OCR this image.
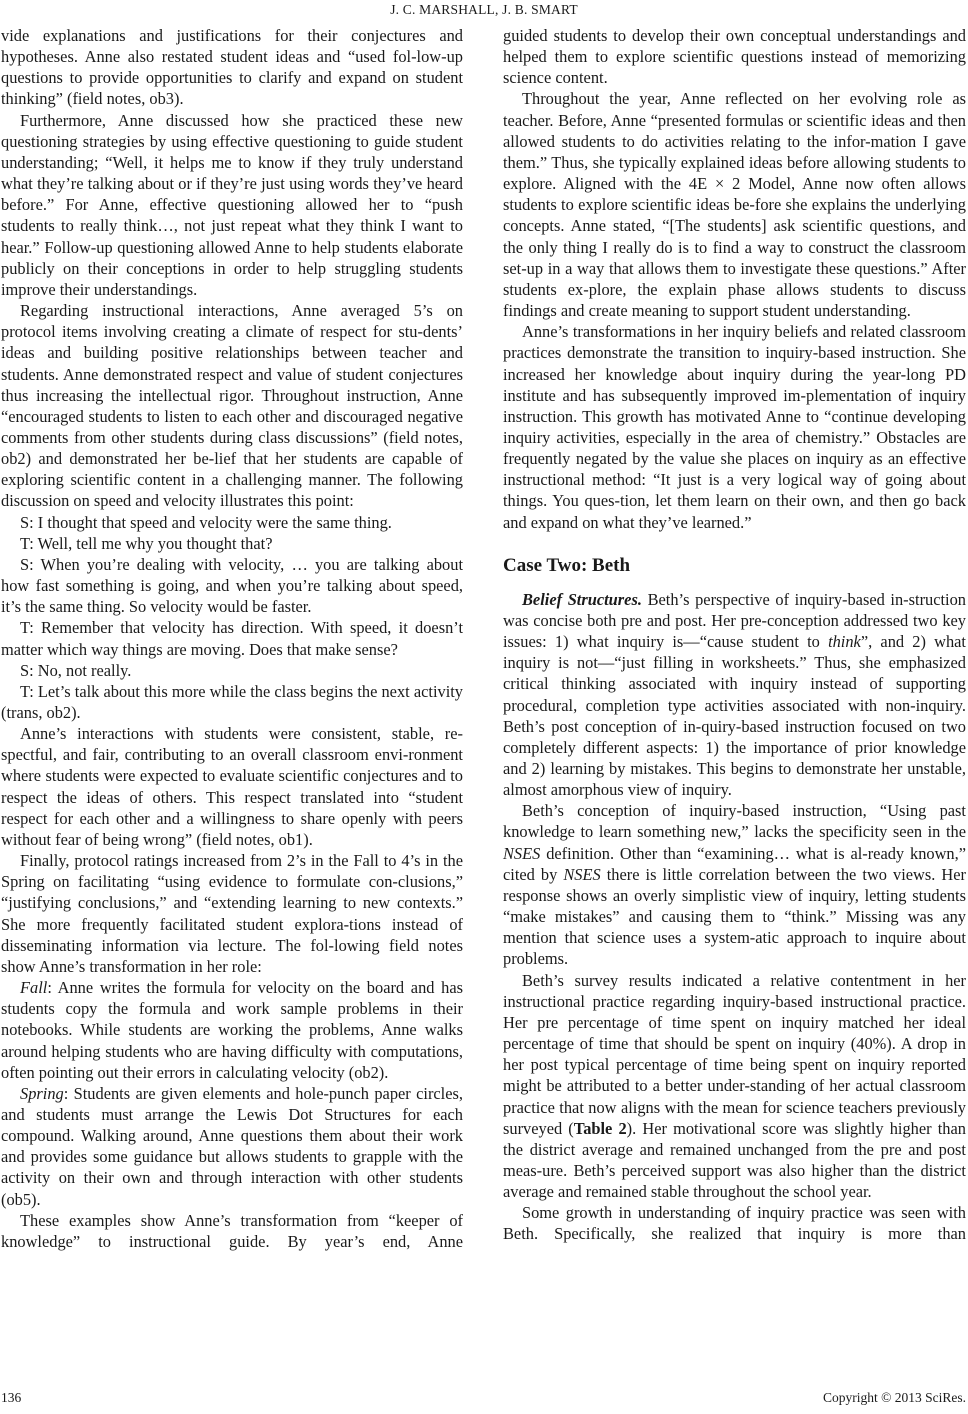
J. C. MARSHALL, J. B. SMART

vide explanations and justifications for their conjectures and hypotheses. Anne also restated student ideas and “used fol-low-up questions to provide opportunities to clarify and expand on student thinking” (field notes, ob3).

Furthermore, Anne discussed how she practiced these new questioning strategies by using effective questioning to guide student understanding; “Well, it helps me to know if they truly understand what they’re talking about or if they’re just using words they’ve heard before.” For Anne, effective questioning allowed her to “push students to really think…, not just repeat what they think I want to hear.” Follow-up questioning allowed Anne to help students elaborate publicly on their conceptions in order to help struggling students improve their understandings.

Regarding instructional interactions, Anne averaged 5’s on protocol items involving creating a climate of respect for stu-dents’ ideas and building positive relationships between teacher and students. Anne demonstrated respect and value of student conjectures thus increasing the intellectual rigor. Throughout instruction, Anne “encouraged students to listen to each other and discouraged negative comments from other students during class discussions” (field notes, ob2) and demonstrated her be-lief that her students are capable of exploring scientific content in a challenging manner. The following discussion on speed and velocity illustrates this point:

S: I thought that speed and velocity were the same thing.

T: Well, tell me why you thought that?

S: When you’re dealing with velocity, … you are talking about how fast something is going, and when you’re talking about speed, it’s the same thing. So velocity would be faster.

T: Remember that velocity has direction. With speed, it doesn’t matter which way things are moving. Does that make sense?

S: No, not really.

T: Let’s talk about this more while the class begins the next activity (trans, ob2).

Anne’s interactions with students were consistent, stable, re-spectful, and fair, contributing to an overall classroom envi-ronment where students were expected to evaluate scientific conjectures and to respect the ideas of others. This respect translated into “student respect for each other and a willingness to share openly with peers without fear of being wrong” (field notes, ob1).

Finally, protocol ratings increased from 2’s in the Fall to 4’s in the Spring on facilitating “using evidence to formulate con-clusions,” “justifying conclusions,” and “extending learning to new contexts.” She more frequently facilitated student explora-tions instead of disseminating information via lecture. The fol-lowing field notes show Anne’s transformation in her role:

Fall: Anne writes the formula for velocity on the board and has students copy the formula and work sample problems in their notebooks. While students are working the problems, Anne walks around helping students who are having difficulty with computations, often pointing out their errors in calculating velocity (ob2).

Spring: Students are given elements and hole-punch paper circles, and students must arrange the Lewis Dot Structures for each compound. Walking around, Anne questions them about their work and provides some guidance but allows students to grapple with the activity on their own and through interaction with other students (ob5).

These examples show Anne’s transformation from “keeper of knowledge” to instructional guide. By year’s end, Anne

guided students to develop their own conceptual understandings and helped them to explore scientific questions instead of memorizing science content.

Throughout the year, Anne reflected on her evolving role as teacher. Before, Anne “presented formulas or scientific ideas and then allowed students to do activities relating to the infor-mation I gave them.” Thus, she typically explained ideas before allowing students to explore. Aligned with the 4E × 2 Model, Anne now often allows students to explore scientific ideas be-fore she explains the underlying concepts. Anne stated, “[The students] ask scientific questions, and the only thing I really do is to find a way to construct the classroom set-up in a way that allows them to investigate these questions.” After students ex-plore, the explain phase allows students to discuss findings and create meaning to support student understanding.

Anne’s transformations in her inquiry beliefs and related classroom practices demonstrate the transition to inquiry-based instruction. She increased her knowledge about inquiry during the year-long PD institute and has subsequently improved im-plementation of inquiry instruction. This growth has motivated Anne to “continue developing inquiry activities, especially in the area of chemistry.” Obstacles are frequently negated by the value she places on inquiry as an effective instructional method: “It just is a very logical way of going about things. You ques-tion, let them learn on their own, and then go back and expand on what they’ve learned.”

Case Two: Beth

Belief Structures. Beth’s perspective of inquiry-based in-struction was concise both pre and post. Her pre-conception addressed two key issues: 1) what inquiry is—“cause student to think”, and 2) what inquiry is not—“just filling in worksheets.” Thus, she emphasized critical thinking associated with inquiry instead of supporting procedural, completion type activities associated with non-inquiry. Beth’s post conception of in-quiry-based instruction focused on two completely different aspects: 1) the importance of prior knowledge and 2) learning by mistakes. This begins to demonstrate her unstable, almost amorphous view of inquiry.

Beth’s conception of inquiry-based instruction, “Using past knowledge to learn something new,” lacks the specificity seen in the NSES definition. Other than “examining… what is al-ready known,” cited by NSES there is little correlation between the two views. Her response shows an overly simplistic view of inquiry, letting students “make mistakes” and causing them to “think.” Missing was any mention that science uses a system-atic approach to inquire about problems.

Beth’s survey results indicated a relative contentment in her instructional practice regarding inquiry-based instructional practice. Her pre percentage of time spent on inquiry matched her ideal percentage of time that should be spent on inquiry (40%). A drop in her post typical percentage of time being spent on inquiry reported might be attributed to a better under-standing of her actual classroom practice that now aligns with the mean for science teachers previously surveyed (Table 2). Her motivational score was slightly higher than the district average and remained unchanged from the pre and post meas-ure. Beth’s perceived support was also higher than the district average and remained stable throughout the school year.

Some growth in understanding of inquiry practice was seen with Beth. Specifically, she realized that inquiry is more than

136	Copyright © 2013 SciRes.
